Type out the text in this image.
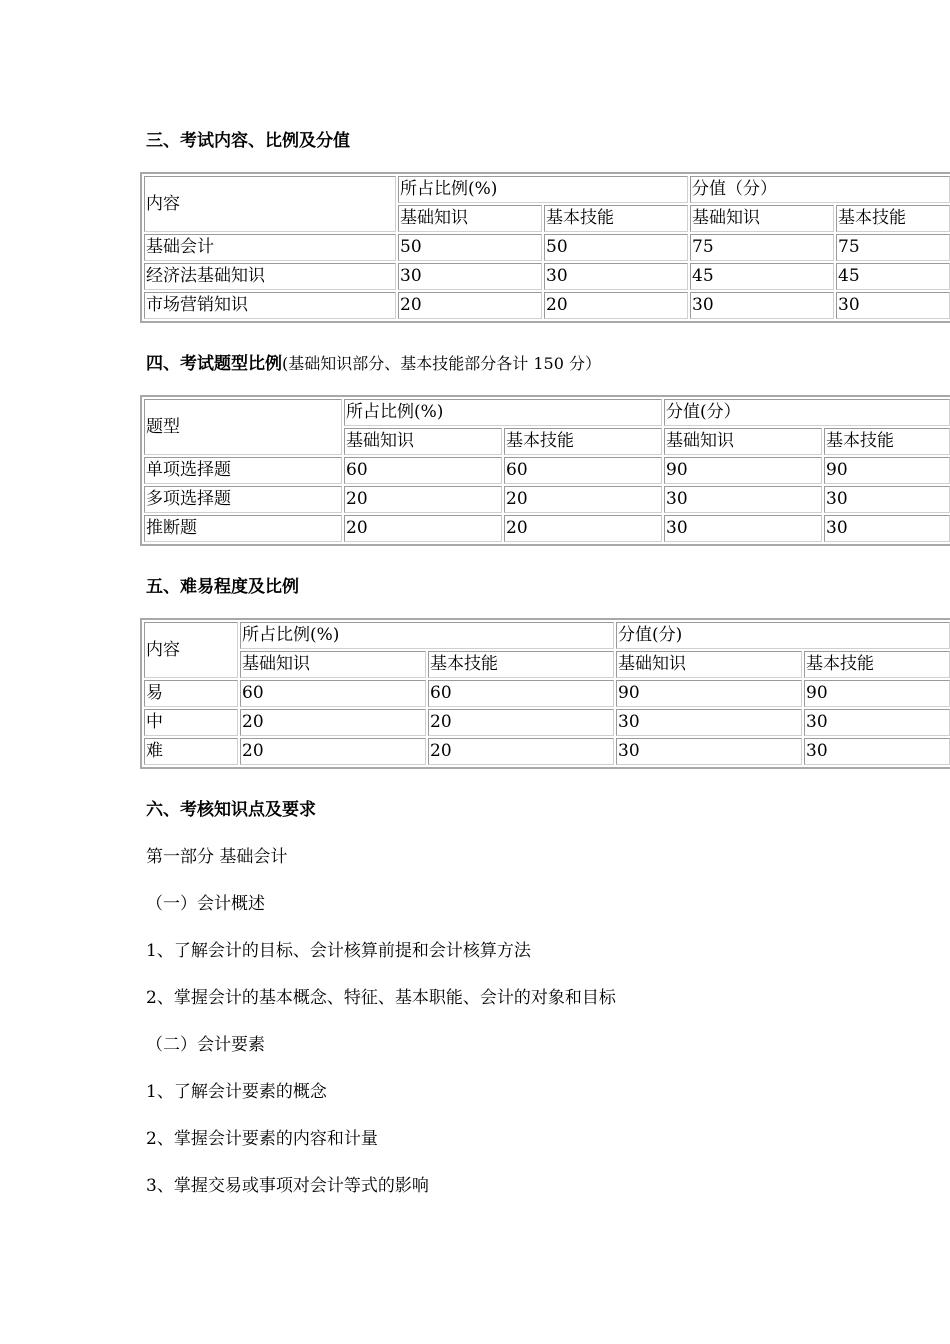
三、考试内容、比例及分值
内容	所占比例(%)		分值（分）	
	基础知识	基本技能	基础知识	基本技能
基础会计	50	50	75	75
经济法基础知识	30	30	45	45
市场营销知识	20	20	30	30
四、考试题型比例(基础知识部分、基本技能部分各计 150 分）
题型	所占比例(%)		分值(分）	
	基础知识	基本技能	基础知识	基本技能
单项选择题	60	60	90	90
多项选择题	20	20	30	30
推断题	20	20	30	30
五、难易程度及比例
内容	所占比例(%)		分值(分)	
	基础知识	基本技能	基础知识	基本技能
易	60	60	90	90
中	20	20	30	30
难	20	20	30	30
六、考核知识点及要求
第一部分 基础会计
（一）会计概述
1、了解会计的目标、会计核算前提和会计核算方法
2、掌握会计的基本概念、特征、基本职能、会计的对象和目标
（二）会计要素
1、了解会计要素的概念
2、掌握会计要素的内容和计量
3、掌握交易或事项对会计等式的影响
